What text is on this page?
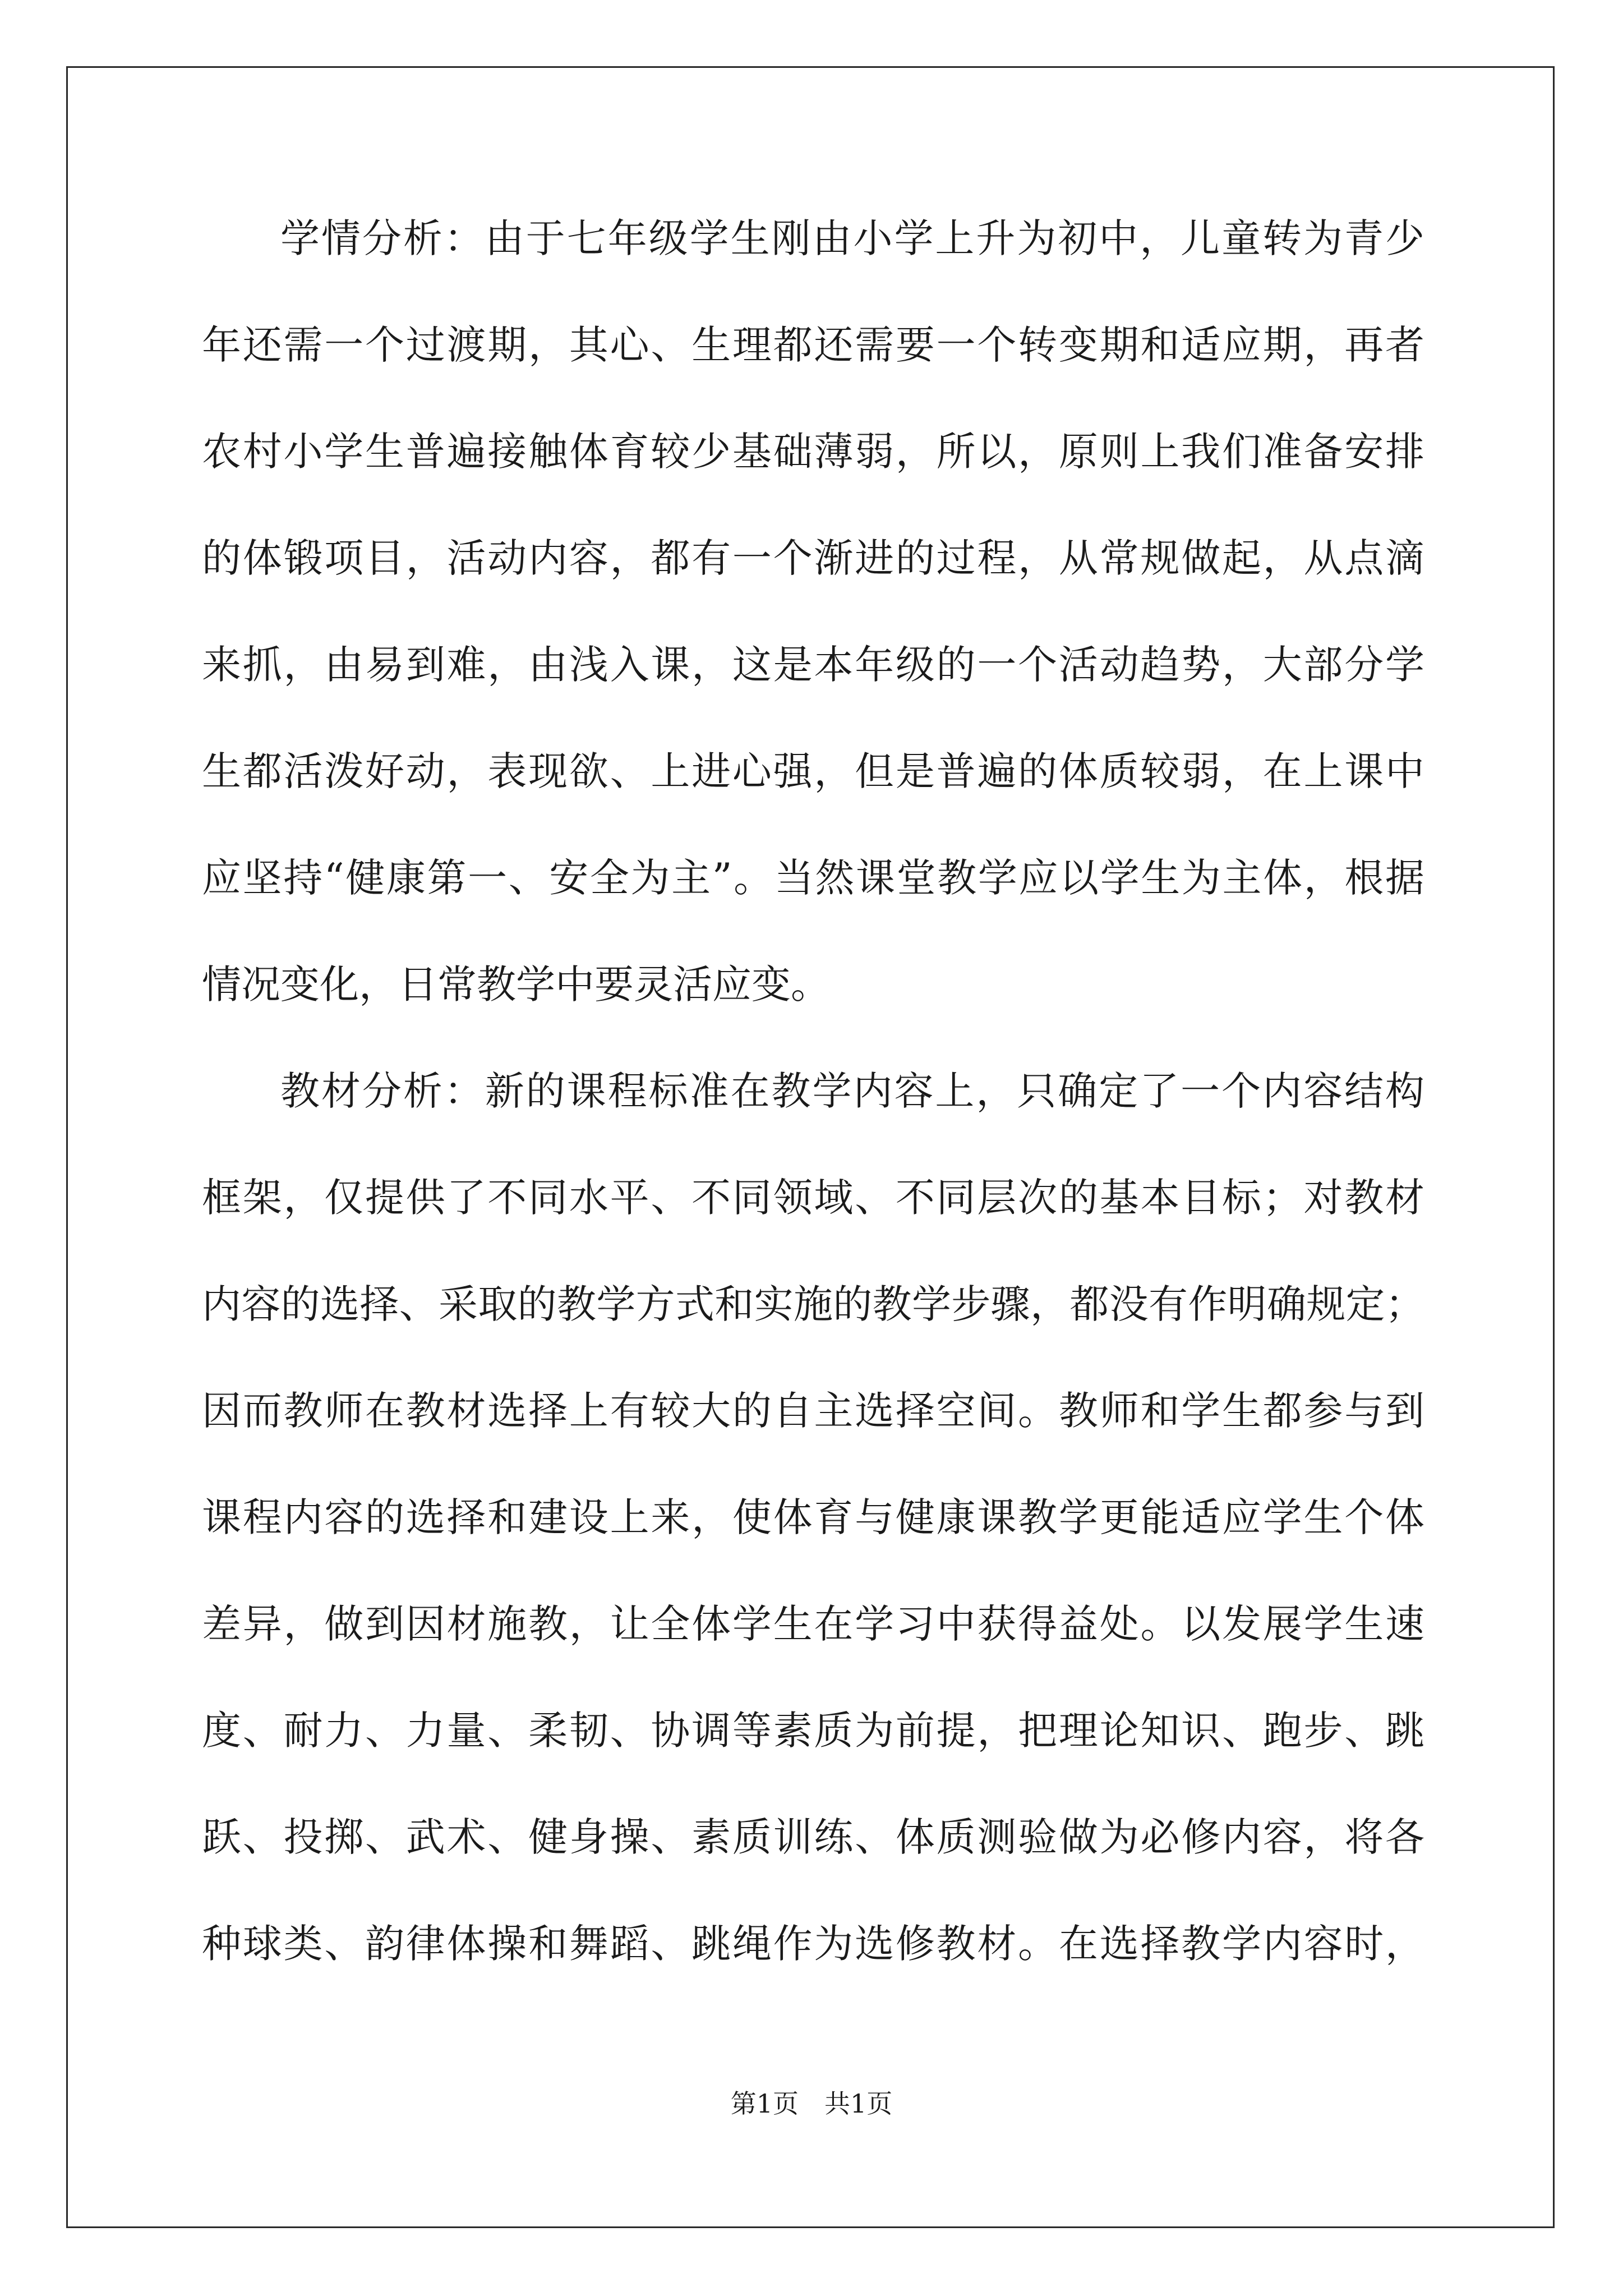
学情分析：由于七年级学生刚由小学上升为初中，儿童转为青少
年还需一个过渡期，其心、生理都还需要一个转变期和适应期，再者
农村小学生普遍接触体育较少基础薄弱，所以，原则上我们准备安排
的体锻项目，活动内容，都有一个渐进的过程，从常规做起，从点滴
来抓，由易到难，由浅入课，这是本年级的一个活动趋势，大部分学
生都活泼好动，表现欲、上进心强，但是普遍的体质较弱，在上课中
应坚持“健康第一、安全为主”。当然课堂教学应以学生为主体，根据
情况变化，日常教学中要灵活应变。
教材分析：新的课程标准在教学内容上，只确定了一个内容结构
框架，仅提供了不同水平、不同领域、不同层次的基本目标；对教材
内容的选择、采取的教学方式和实施的教学步骤，都没有作明确规定；
因而教师在教材选择上有较大的自主选择空间。教师和学生都参与到
课程内容的选择和建设上来，使体育与健康课教学更能适应学生个体
差异，做到因材施教，让全体学生在学习中获得益处。以发展学生速
度、耐力、力量、柔韧、协调等素质为前提，把理论知识、跑步、跳
跃、投掷、武术、健身操、素质训练、体质测验做为必修内容，将各
种球类、韵律体操和舞蹈、跳绳作为选修教材。在选择教学内容时，
第1页　共1页
